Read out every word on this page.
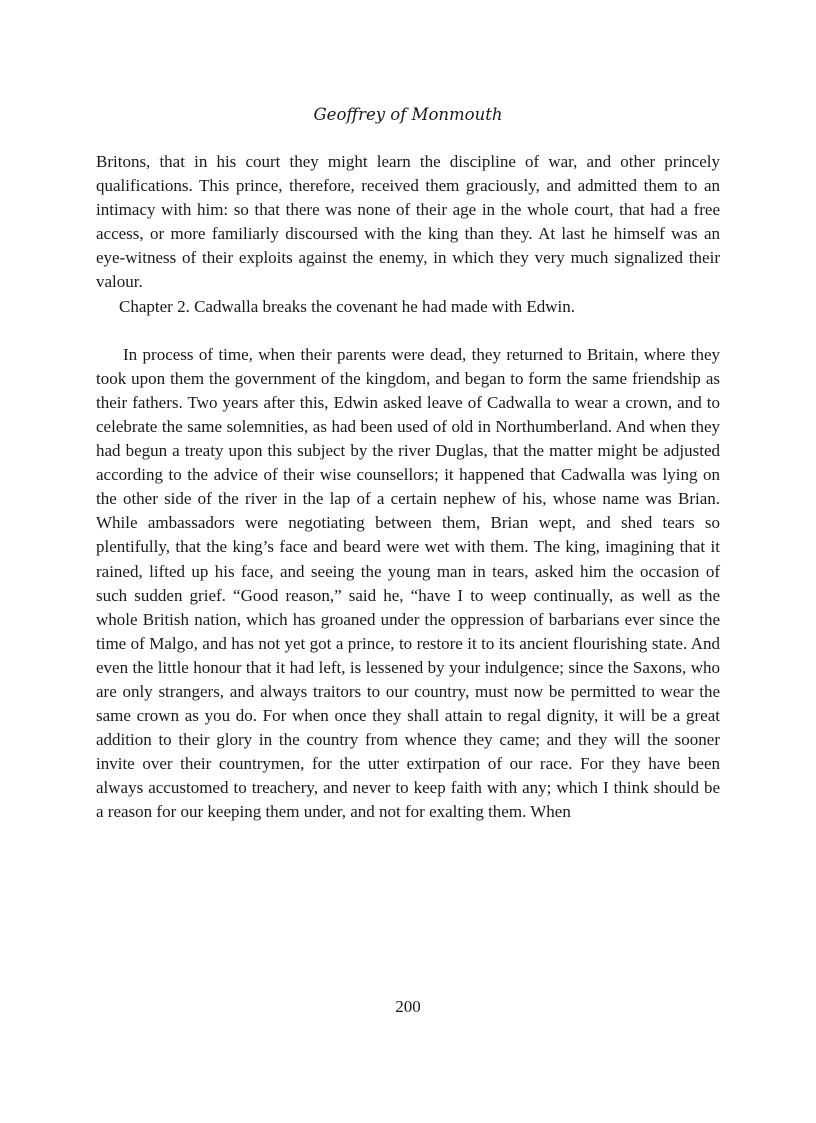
Geoffrey of Monmouth

Britons, that in his court they might learn the discipline of war, and other princely qualifications. This prince, therefore, received them graciously, and admitted them to an intimacy with him: so that there was none of their age in the whole court, that had a free access, or more familiarly discoursed with the king than they. At last he himself was an eye-witness of their exploits against the enemy, in which they very much signalized their valour.

Chapter 2. Cadwalla breaks the covenant he had made with Edwin.

In process of time, when their parents were dead, they returned to Britain, where they took upon them the government of the kingdom, and began to form the same friendship as their fathers. Two years after this, Edwin asked leave of Cadwalla to wear a crown, and to celebrate the same solemnities, as had been used of old in Northumberland. And when they had begun a treaty upon this subject by the river Duglas, that the matter might be adjusted according to the advice of their wise counsellors; it happened that Cadwalla was lying on the other side of the river in the lap of a certain nephew of his, whose name was Brian. While ambassadors were negotiating between them, Brian wept, and shed tears so plentifully, that the king’s face and beard were wet with them. The king, imagining that it rained, lifted up his face, and seeing the young man in tears, asked him the occasion of such sudden grief. “Good reason,” said he, “have I to weep continually, as well as the whole British nation, which has groaned under the oppression of barbarians ever since the time of Malgo, and has not yet got a prince, to restore it to its ancient flourishing state. And even the little honour that it had left, is lessened by your indulgence; since the Saxons, who are only strangers, and always traitors to our country, must now be permitted to wear the same crown as you do. For when once they shall attain to regal dignity, it will be a great addition to their glory in the country from whence they came; and they will the sooner invite over their countrymen, for the utter extirpation of our race. For they have been always accustomed to treachery, and never to keep faith with any; which I think should be a reason for our keeping them under, and not for exalting them. When

200
